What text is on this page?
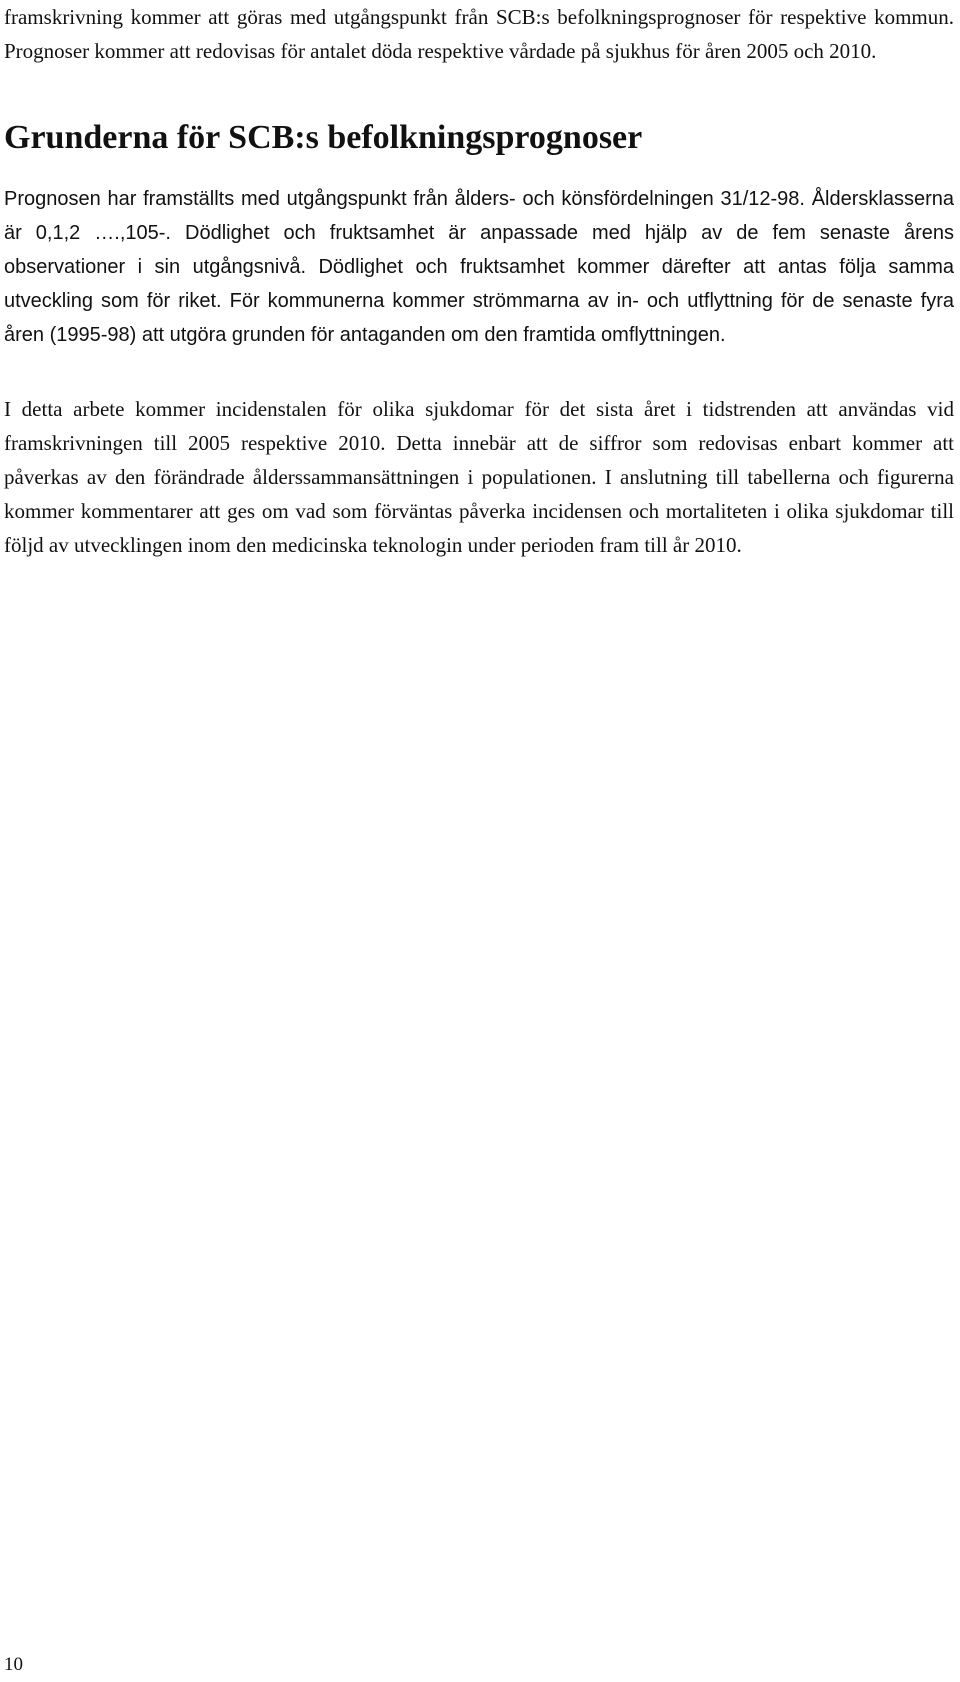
framskrivning kommer att göras med utgångspunkt från SCB:s befolkningsprognoser för respektive kommun. Prognoser kommer att redovisas för antalet döda respektive vårdade på sjukhus för åren 2005 och 2010.

Grunderna för SCB:s befolkningsprognoser

Prognosen har framställts med utgångspunkt från ålders- och könsfördelningen 31/12-98. Åldersklasserna är 0,1,2 ….,105-. Dödlighet och fruktsamhet är anpassade med hjälp av de fem senaste årens observationer i sin utgångsnivå. Dödlighet och fruktsamhet kommer därefter att antas följa samma utveckling som för riket. För kommunerna kommer strömmarna av in- och utflyttning för de senaste fyra åren (1995-98) att utgöra grunden för antaganden om den framtida omflyttningen.

I detta arbete kommer incidenstalen för olika sjukdomar för det sista året i tidstrenden att användas vid framskrivningen till 2005 respektive 2010. Detta innebär att de siffror som redovisas enbart kommer att påverkas av den förändrade ålderssammansättningen i populationen. I anslutning till tabellerna och figurerna kommer kommentarer att ges om vad som förväntas påverka incidensen och mortaliteten i olika sjukdomar till följd av utvecklingen inom den medicinska teknologin under perioden fram till år 2010.

10
